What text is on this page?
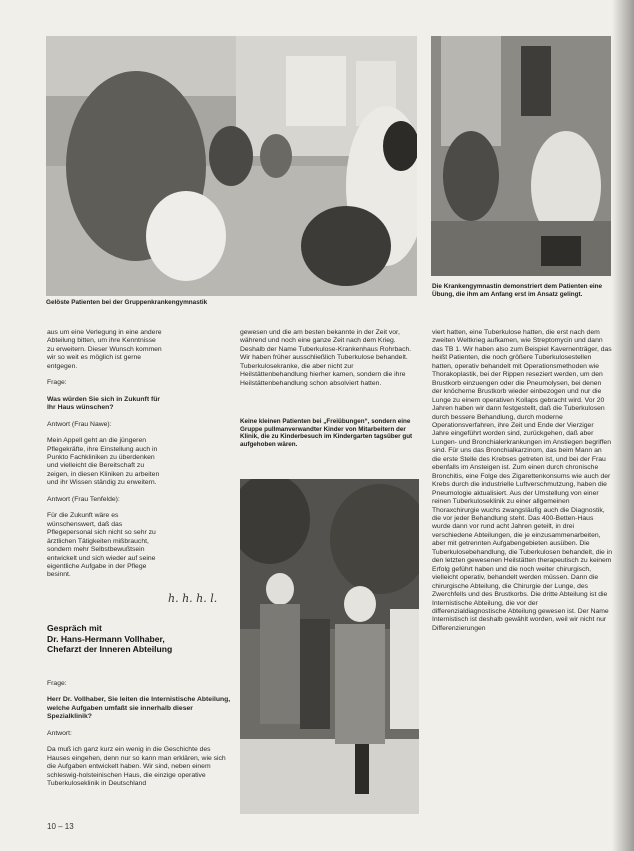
Gelöste Patienten bei der Gruppenkrankengymnastik
Die Krankengymnastin demonstriert dem Patienten eine Übung, die ihm am Anfang erst im Ansatz gelingt.

aus um eine Verlegung in eine andere Abteilung bitten, um ihre Kenntnisse zu erweitern. Dieser Wunsch kommen wir so weit es möglich ist gerne entgegen.

Frage:

Was würden Sie sich in Zukunft für Ihr Haus wünschen?

Antwort (Frau Nawe):

Mein Appell geht an die jüngeren Pflegekräfte, ihre Einstellung auch in Punkto Fachkliniken zu überdenken und vielleicht die Bereitschaft zu zeigen, in diesen Kliniken zu arbeiten und ihr Wissen ständig zu erweitern.

Antwort (Frau Tenfelde):

Für die Zukunft wäre es wünschenswert, daß das Pflegepersonal sich nicht so sehr zu ärztlichen Tätigkeiten mißbraucht, sondern mehr Selbstbewußtsein entwickelt und sich wieder auf seine eigentliche Aufgabe in der Pflege besinnt.

h. h. h. l.
Gespräch mit
Dr. Hans-Hermann Vollhaber,
Chefarzt der Inneren Abteilung

Frage:

Herr Dr. Vollhaber, Sie leiten die Internistische Abteilung, welche Aufgaben umfaßt sie innerhalb dieser Spezialklinik?

Antwort:

Da muß ich ganz kurz ein wenig in die Geschichte des Hauses eingehen, denn nur so kann man erklären, wie sich die Aufgaben entwickelt haben. Wir sind, neben einem schleswig-holsteinischen Haus, die einzige operative Tuberkuloseklinik in Deutschland

gewesen und die am besten bekannte in der Zeit vor, während und noch eine ganze Zeit nach dem Krieg. Deshalb der Name Tuberkulose-Krankenhaus Rohrbach. Wir haben früher ausschließlich Tuberkulose behandelt. Tuberkulosekranke, die aber nicht zur Heilstättenbehandlung hierher kamen, sondern die ihre Heilstättenbehandlung schon absolviert hatten.

Keine kleinen Patienten bei „Freiübungen“, sondern eine Gruppe pullmanverwandter Kinder von Mitarbeitern der Klinik, die zu Kinderbesuch im Kindergarten tagsüber gut aufgehoben wären.

viert hatten, eine Tuberkulose hatten, die erst nach dem zweiten Weltkrieg aufkamen, wie Streptomycin und dann das TB 1. Wir haben also zum Beispiel Kavernenträger, das heißt Patienten, die noch größere Tuberkulosestellen hatten, operativ behandelt mit Operationsmethoden wie Thorakoplastik, bei der Rippen reseziert werden, um den Brustkorb einzuengen oder die Pneumolysen, bei denen der knöcherne Brustkorb wieder einbezogen und nur die Lunge zu einem operativen Kollaps gebracht wird. Vor 20 Jahren haben wir dann festgestellt, daß die Tuberkulosen durch bessere Behandlung, durch moderne Operationsverfahren, ihre Zeit und Ende der Vierziger Jahre eingeführt worden sind, zurückgehen, daß aber Lungen- und Bronchialerkrankungen im Anstiegen begriffen sind. Für uns das Bronchialkarzinom, das beim Mann an die erste Stelle des Krebses getreten ist, und bei der Frau ebenfalls im Ansteigen ist. Zum einen durch chronische Bronchitis, eine Folge des Zigarettenkonsums wie auch der Krebs durch die industrielle Luftverschmutzung, haben die Pneumologie aktualisiert. Aus der Umstellung von einer reinen Tuberkuloseklinik zu einer allgemeinen Thoraxchirurgie wuchs zwangsläufig auch die Diagnostik, die vor jeder Behandlung steht. Das 400-Betten-Haus wurde dann vor rund acht Jahren geteilt, in drei verschiedene Abteilungen, die je einzusammenarbeiten, aber mit getrennten Aufgabengebieten ausüben. Die Tuberkulosebehandlung, die Tuberkulosen behandelt, die in den letzten gewesenen Heilstätten therapeutisch zu keinem Erfolg geführt haben und die noch weiter chirurgisch, vielleicht operativ, behandelt werden müssen. Dann die chirurgische Abteilung, die Chirurgie der Lunge, des Zwerchfells und des Brustkorbs. Die dritte Abteilung ist die Internistische Abteilung, die vor der differenzialdiagnostische Abteilung gewesen ist. Der Name Internistisch ist deshalb gewählt worden, weil wir nicht nur Differenzierungen

10 – 13
